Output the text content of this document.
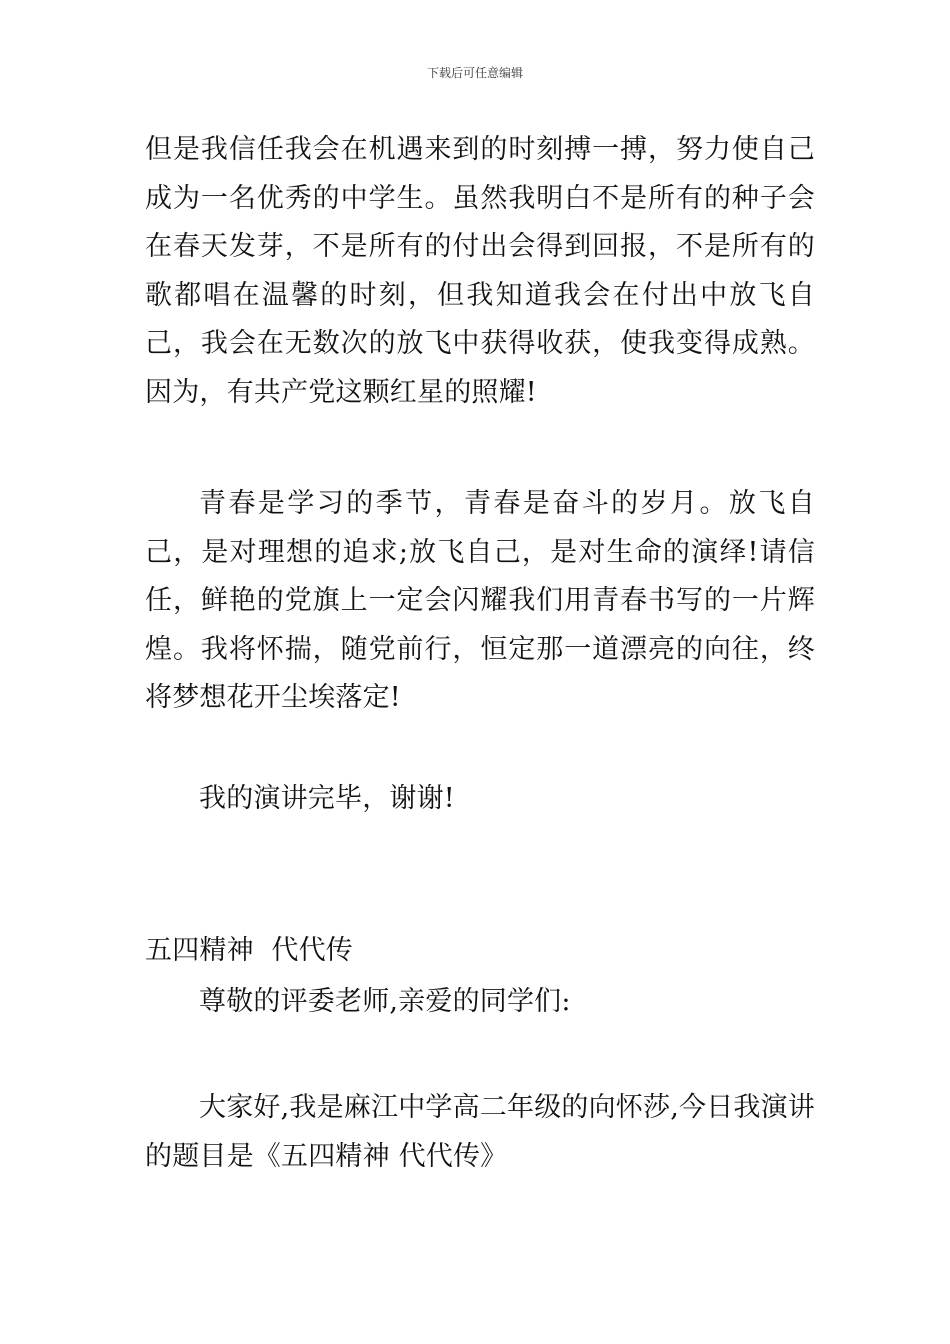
下载后可任意编辑

但是我信任我会在机遇来到的时刻搏一搏，努力使自己成为一名优秀的中学生。虽然我明白不是所有的种子会在春天发芽，不是所有的付出会得到回报，不是所有的歌都唱在温馨的时刻，但我知道我会在付出中放飞自己，我会在无数次的放飞中获得收获，使我变得成熟。因为，有共产党这颗红星的照耀!

青春是学习的季节，青春是奋斗的岁月。放飞自己，是对理想的追求;放飞自己，是对生命的演绎!请信任，鲜艳的党旗上一定会闪耀我们用青春书写的一片辉煌。我将怀揣，随党前行，恒定那一道漂亮的向往，终将梦想花开尘埃落定!

我的演讲完毕，谢谢!

五四精神  代代传

尊敬的评委老师,亲爱的同学们:

大家好,我是麻江中学高二年级的向怀莎,今日我演讲的题目是《五四精神 代代传》
